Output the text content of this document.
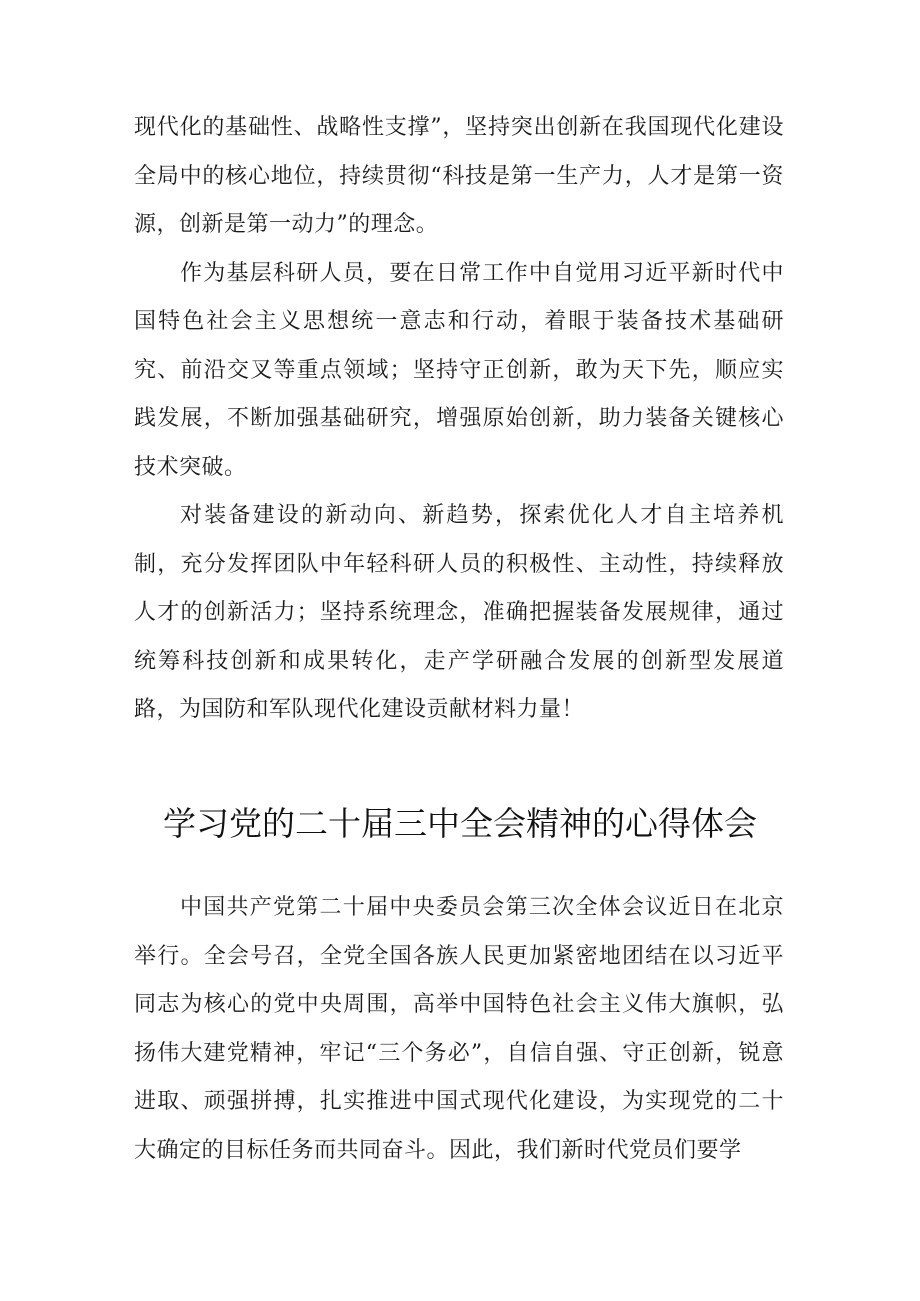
现代化的基础性、战略性支撑”，坚持突出创新在我国现代化建设全局中的核心地位，持续贯彻“科技是第一生产力，人才是第一资源，创新是第一动力”的理念。

作为基层科研人员，要在日常工作中自觉用习近平新时代中国特色社会主义思想统一意志和行动，着眼于装备技术基础研究、前沿交叉等重点领域；坚持守正创新，敢为天下先，顺应实践发展，不断加强基础研究，增强原始创新，助力装备关键核心技术突破。

对装备建设的新动向、新趋势，探索优化人才自主培养机制，充分发挥团队中年轻科研人员的积极性、主动性，持续释放人才的创新活力；坚持系统理念，准确把握装备发展规律，通过统筹科技创新和成果转化，走产学研融合发展的创新型发展道路，为国防和军队现代化建设贡献材料力量！

学习党的二十届三中全会精神的心得体会

中国共产党第二十届中央委员会第三次全体会议近日在北京举行。全会号召，全党全国各族人民更加紧密地团结在以习近平同志为核心的党中央周围，高举中国特色社会主义伟大旗帜，弘扬伟大建党精神，牢记“三个务必”，自信自强、守正创新，锐意进取、顽强拼搏，扎实推进中国式现代化建设，为实现党的二十大确定的目标任务而共同奋斗。因此，我们新时代党员们要学
